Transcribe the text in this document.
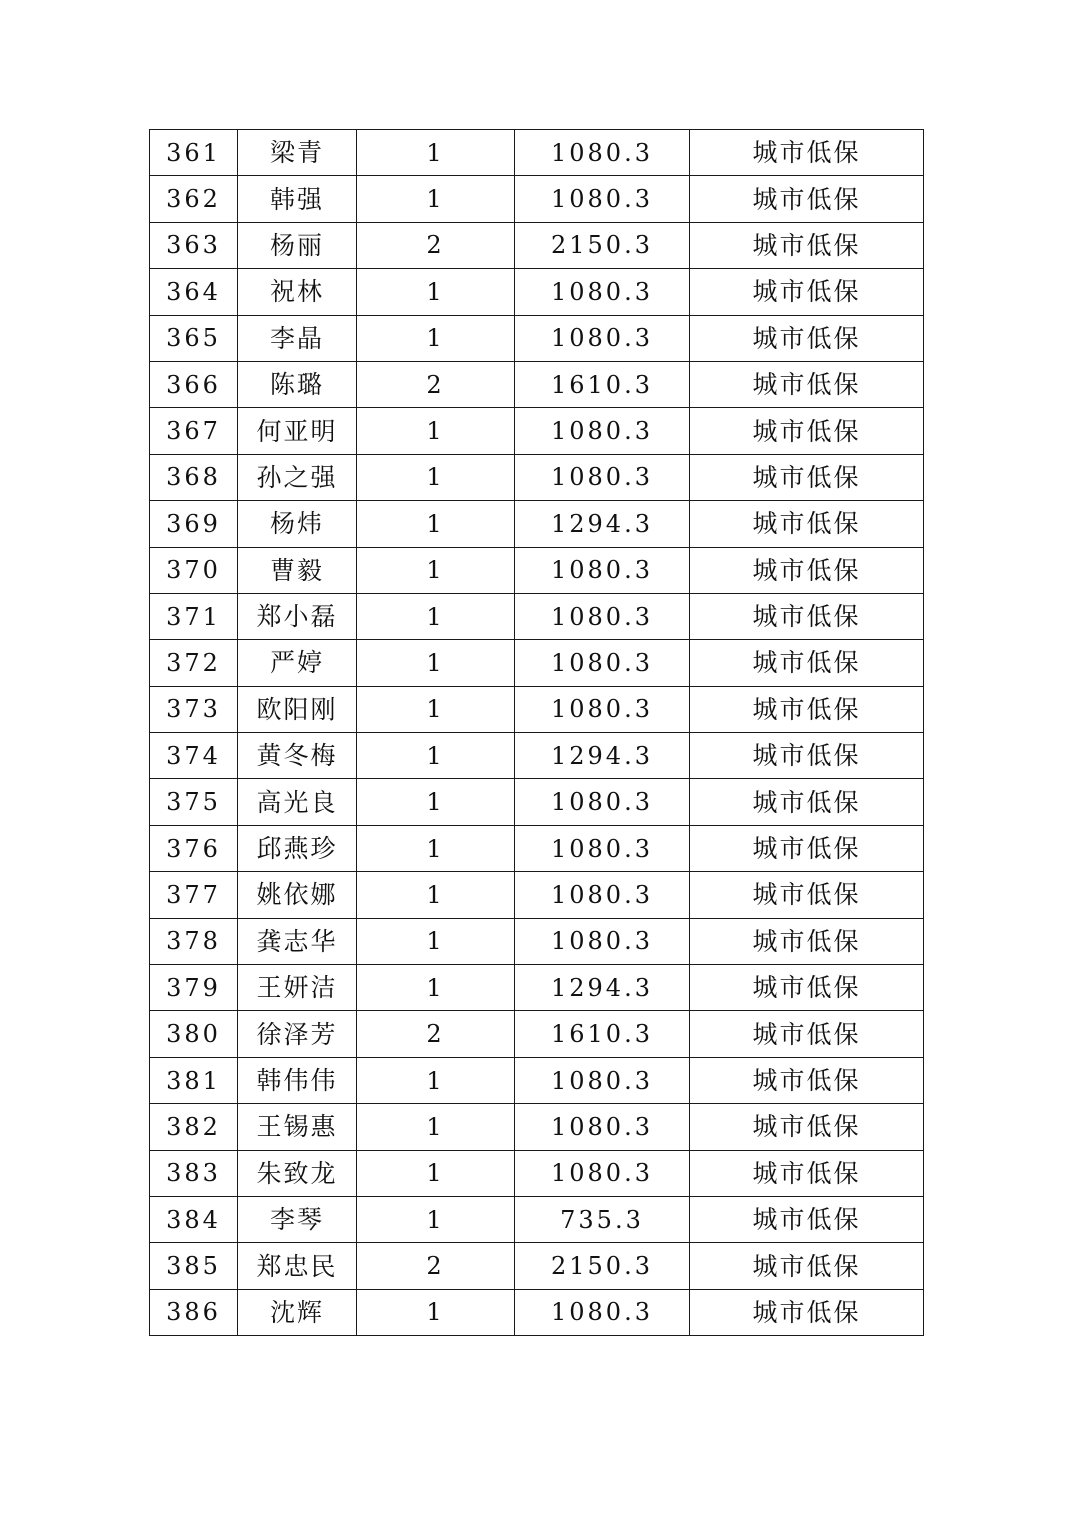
361	梁青	1	1080.3	城市低保
362	韩强	1	1080.3	城市低保
363	杨丽	2	2150.3	城市低保
364	祝林	1	1080.3	城市低保
365	李晶	1	1080.3	城市低保
366	陈璐	2	1610.3	城市低保
367	何亚明	1	1080.3	城市低保
368	孙之强	1	1080.3	城市低保
369	杨炜	1	1294.3	城市低保
370	曹毅	1	1080.3	城市低保
371	郑小磊	1	1080.3	城市低保
372	严婷	1	1080.3	城市低保
373	欧阳刚	1	1080.3	城市低保
374	黄冬梅	1	1294.3	城市低保
375	高光良	1	1080.3	城市低保
376	邱燕珍	1	1080.3	城市低保
377	姚依娜	1	1080.3	城市低保
378	龚志华	1	1080.3	城市低保
379	王妍洁	1	1294.3	城市低保
380	徐泽芳	2	1610.3	城市低保
381	韩伟伟	1	1080.3	城市低保
382	王锡惠	1	1080.3	城市低保
383	朱致龙	1	1080.3	城市低保
384	李琴	1	735.3	城市低保
385	郑忠民	2	2150.3	城市低保
386	沈辉	1	1080.3	城市低保
